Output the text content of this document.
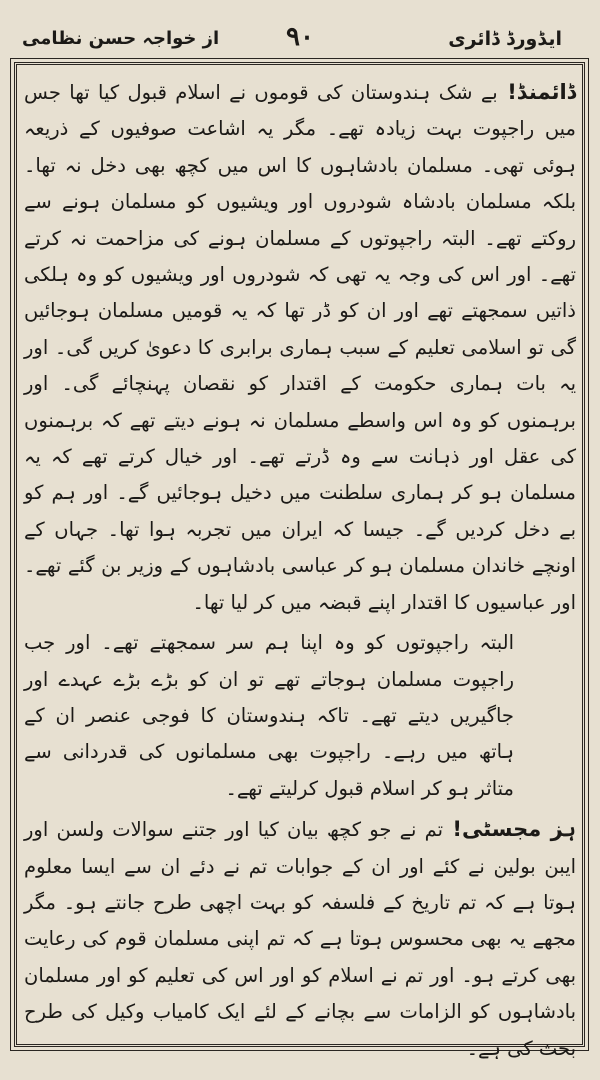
ایڈورڈ ڈائری
۹۰
از خواجہ حسن نظامی

ڈائمنڈ! بے شک ہندوستان کی قوموں نے اسلام قبول کیا تھا جس میں راجپوت بہت زیادہ تھے۔ مگر یہ اشاعت صوفیوں کے ذریعہ ہوئی تھی۔ مسلمان بادشاہوں کا اس میں کچھ بھی دخل نہ تھا۔ بلکہ مسلمان بادشاہ شودروں اور ویشیوں کو مسلمان ہونے سے روکتے تھے۔ البتہ راجپوتوں کے مسلمان ہونے کی مزاحمت نہ کرتے تھے۔ اور اس کی وجہ یہ تھی کہ شودروں اور ویشیوں کو وہ ہلکی ذاتیں سمجھتے تھے اور ان کو ڈر تھا کہ یہ قومیں مسلمان ہوجائیں گی تو اسلامی تعلیم کے سبب ہماری برابری کا دعویٰ کریں گی۔ اور یہ بات ہماری حکومت کے اقتدار کو نقصان پہنچائے گی۔ اور برہمنوں کو وہ اس واسطے مسلمان نہ ہونے دیتے تھے کہ برہمنوں کی عقل اور ذہانت سے وہ ڈرتے تھے۔ اور خیال کرتے تھے کہ یہ مسلمان ہو کر ہماری سلطنت میں دخیل ہوجائیں گے۔ اور ہم کو بے دخل کردیں گے۔ جیسا کہ ایران میں تجربہ ہوا تھا۔ جہاں کے اونچے خاندان مسلمان ہو کر عباسی بادشاہوں کے وزیر بن گئے تھے۔ اور عباسیوں کا اقتدار اپنے قبضہ میں کر لیا تھا۔

البتہ راجپوتوں کو وہ اپنا ہم سر سمجھتے تھے۔ اور جب راجپوت مسلمان ہوجاتے تھے تو ان کو بڑے بڑے عہدے اور جاگیریں دیتے تھے۔ تاکہ ہندوستان کا فوجی عنصر ان کے ہاتھ میں رہے۔ راجپوت بھی مسلمانوں کی قدردانی سے متاثر ہو کر اسلام قبول کرلیتے تھے۔

ہز مجسٹی! تم نے جو کچھ بیان کیا اور جتنے سوالات ولسن اور ایبن بولین نے کئے اور ان کے جوابات تم نے دئے ان سے ایسا معلوم ہوتا ہے کہ تم تاریخ کے فلسفہ کو بہت اچھی طرح جانتے ہو۔ مگر مجھے یہ بھی محسوس ہوتا ہے کہ تم اپنی مسلمان قوم کی رعایت بھی کرتے ہو۔ اور تم نے اسلام کو اور اس کی تعلیم کو اور مسلمان بادشاہوں کو الزامات سے بچانے کے لئے ایک کامیاب وکیل کی طرح بحث کی ہے۔
